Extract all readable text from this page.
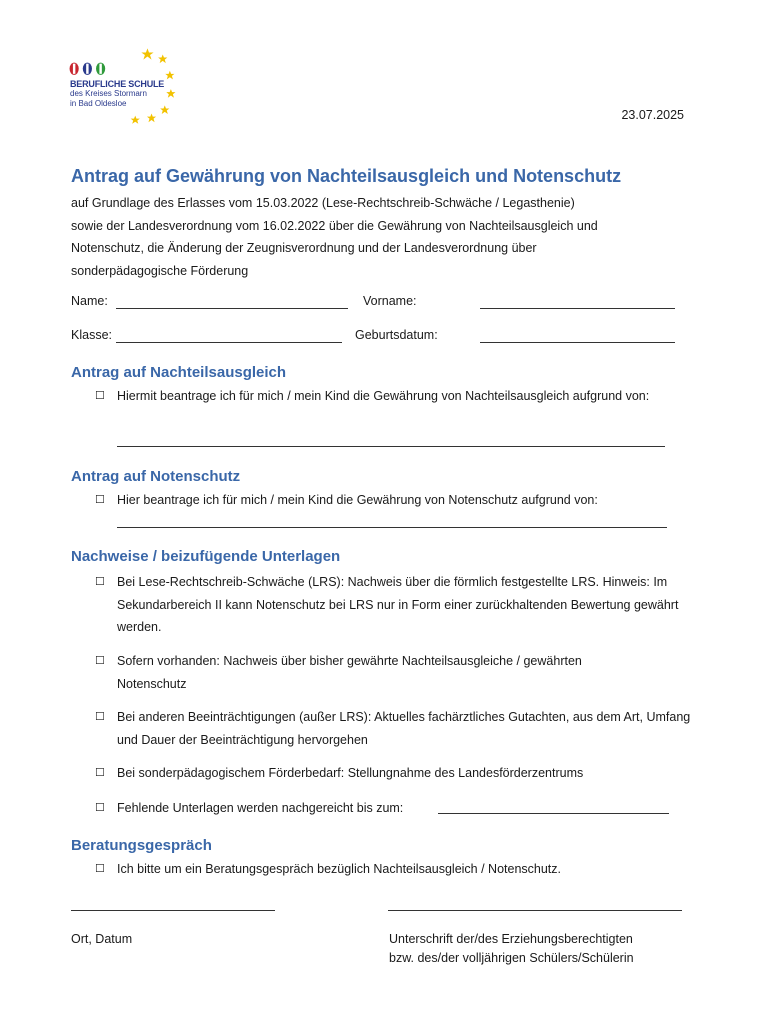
BERUFLICHE SCHULE
des Kreises Stormarn
in Bad Oldesloe
23.07.2025
Antrag auf Gewährung von Nachteilsausgleich und Notenschutz
auf Grundlage des Erlasses vom 15.03.2022 (Lese-Rechtschreib-Schwäche / Legasthenie)
sowie der Landesverordnung vom 16.02.2022 über die Gewährung von Nachteilsausgleich und
Notenschutz, die Änderung der Zeugnisverordnung und der Landesverordnung über
sonderpädagogische Förderung
Name:	Vorname:
Klasse:	Geburtsdatum:
Antrag auf Nachteilsausgleich
☐ Hiermit beantrage ich für mich / mein Kind die Gewährung von Nachteilsausgleich aufgrund von:
Antrag auf Notenschutz
☐ Hier beantrage ich für mich / mein Kind die Gewährung von Notenschutz aufgrund von:
Nachweise / beizufügende Unterlagen
☐ Bei Lese-Rechtschreib-Schwäche (LRS): Nachweis über die förmlich festgestellte LRS. Hinweis: Im Sekundarbereich II kann Notenschutz bei LRS nur in Form einer zurückhaltenden Bewertung gewährt werden.
☐ Sofern vorhanden: Nachweis über bisher gewährte Nachteilsausgleiche / gewährten Notenschutz
☐ Bei anderen Beeinträchtigungen (außer LRS): Aktuelles fachärztliches Gutachten, aus dem Art, Umfang und Dauer der Beeinträchtigung hervorgehen
☐ Bei sonderpädagogischem Förderbedarf: Stellungnahme des Landesförderzentrums
☐ Fehlende Unterlagen werden nachgereicht bis zum:
Beratungsgespräch
☐ Ich bitte um ein Beratungsgespräch bezüglich Nachteilsausgleich / Notenschutz.
Ort, Datum	Unterschrift der/des Erziehungsberechtigten
bzw. des/der volljährigen Schülers/Schülerin
